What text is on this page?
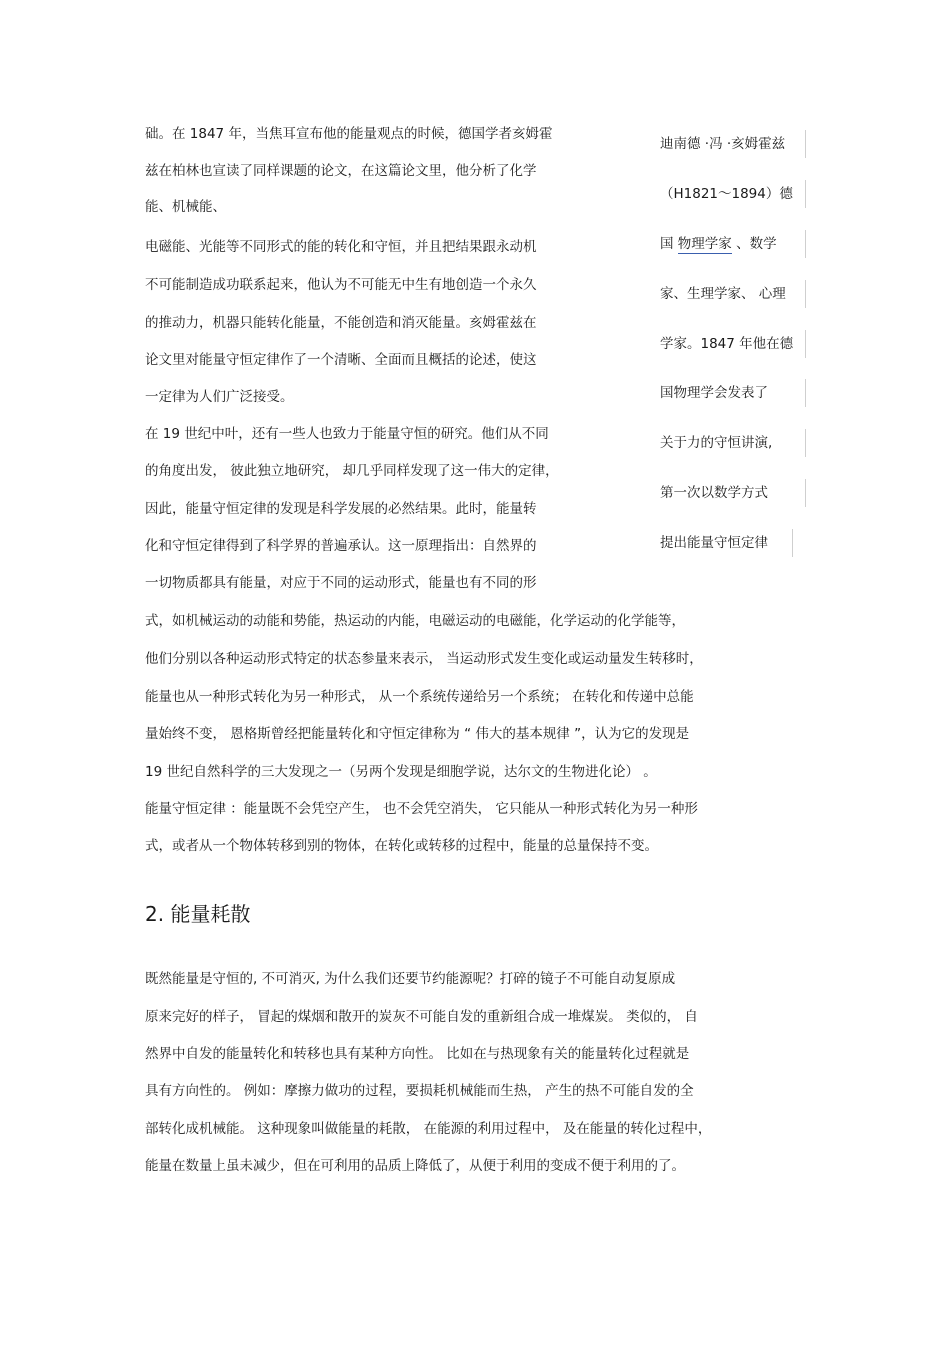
础。在 1847 年，当焦耳宣布他的能量观点的时候，德国学者亥姆霍

兹在柏林也宣读了同样课题的论文，在这篇论文里，他分析了化学

能、机械能、

电磁能、光能等不同形式的能的转化和守恒，并且把结果跟永动机

不可能制造成功联系起来，他认为不可能无中生有地创造一个永久

的推动力，机器只能转化能量，不能创造和消灭能量。亥姆霍兹在

论文里对能量守恒定律作了一个清晰、全面而且概括的论述，使这

一定律为人们广泛接受。

在 19 世纪中叶，还有一些人也致力于能量守恒的研究。他们从不同

的角度出发， 彼此独立地研究， 却几乎同样发现了这一伟大的定律，

因此，能量守恒定律的发现是科学发展的必然结果。此时，能量转

化和守恒定律得到了科学界的普遍承认。这一原理指出：自然界的

一切物质都具有能量，对应于不同的运动形式，能量也有不同的形

式，如机械运动的动能和势能，热运动的内能，电磁运动的电磁能，化学运动的化学能等，

他们分别以各种运动形式特定的状态参量来表示， 当运动形式发生变化或运动量发生转移时，

能量也从一种形式转化为另一种形式， 从一个系统传递给另一个系统； 在转化和传递中总能

量始终不变， 恩格斯曾经把能量转化和守恒定律称为 “ 伟大的基本规律 ”，认为它的发现是

19 世纪自然科学的三大发现之一（另两个发现是细胞学说，达尔文的生物进化论） 。

能量守恒定律 ：能量既不会凭空产生， 也不会凭空消失， 它只能从一种形式转化为另一种形

式，或者从一个物体转移到别的物体，在转化或转移的过程中，能量的总量保持不变。

迪南德 ·冯 ·亥姆霍兹

（H1821～1894）德

国 物理学家 、数学

家、生理学家、 心理

学家。1847 年他在德

国物理学会发表了

关于力的守恒讲演,

第一次以数学方式

提出能量守恒定律

2. 能量耗散

既然能量是守恒的, 不可消灭, 为什么我们还要节约能源呢？打碎的镜子不可能自动复原成

原来完好的样子， 冒起的煤烟和散开的炭灰不可能自发的重新组合成一堆煤炭。 类似的， 自

然界中自发的能量转化和转移也具有某种方向性。 比如在与热现象有关的能量转化过程就是

具有方向性的。 例如：摩擦力做功的过程，要损耗机械能而生热， 产生的热不可能自发的全

部转化成机械能。 这种现象叫做能量的耗散， 在能源的利用过程中， 及在能量的转化过程中，

能量在数量上虽未减少，但在可利用的品质上降低了，从便于利用的变成不便于利用的了。
